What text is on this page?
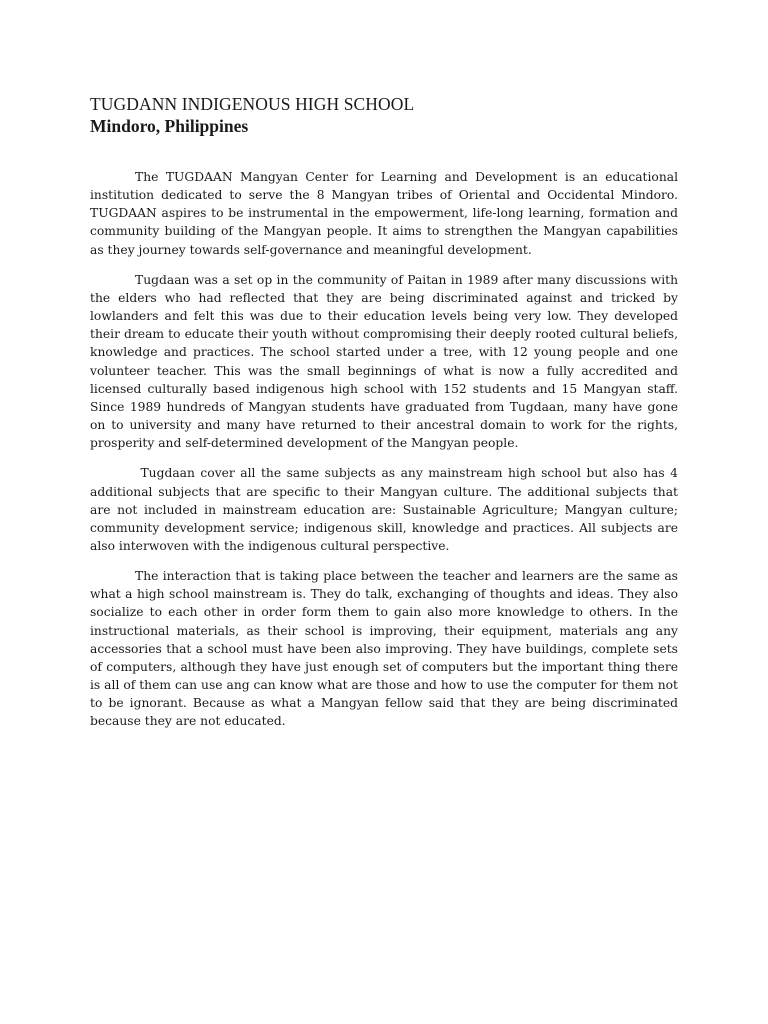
TUGDANN INDIGENOUS HIGH SCHOOL
Mindoro, Philippines

The TUGDAAN Mangyan Center for Learning and Development is an educational institution dedicated to serve the 8 Mangyan tribes of Oriental and Occidental Mindoro. TUGDAAN aspires to be instrumental in the empowerment, life-long learning, formation and community building of the Mangyan people. It aims to strengthen the Mangyan capabilities as they journey towards self-governance and meaningful development.

Tugdaan was a set op in the community of Paitan in 1989 after many discussions with the elders who had reflected that they are being discriminated against and tricked by lowlanders and felt this was due to their education levels being very low. They developed their dream to educate their youth without compromising their deeply rooted cultural beliefs, knowledge and practices. The school started under a tree, with 12 young people and one volunteer teacher. This was the small beginnings of what is now a fully accredited and licensed culturally based indigenous high school with 152 students and 15 Mangyan staff. Since 1989 hundreds of Mangyan students have graduated from Tugdaan, many have gone on to university and many have returned to their ancestral domain to work for the rights, prosperity and self-determined development of the Mangyan people.

Tugdaan cover all the same subjects as any mainstream high school but also has 4 additional subjects that are specific to their Mangyan culture. The additional subjects that are not included in mainstream education are: Sustainable Agriculture; Mangyan culture; community development service; indigenous skill, knowledge and practices. All subjects are also interwoven with the indigenous cultural perspective.

The interaction that is taking place between the teacher and learners are the same as what a high school mainstream is. They do talk, exchanging of thoughts and ideas. They also socialize to each other in order form them to gain also more knowledge to others. In the instructional materials, as their school is improving, their equipment, materials ang any accessories that a school must have been also improving. They have buildings, complete sets of computers, although they have just enough set of computers but the important thing there is all of them can use ang can know what are those and how to use the computer for them not to be ignorant. Because as what a Mangyan fellow said that they are being discriminated because they are not educated.
